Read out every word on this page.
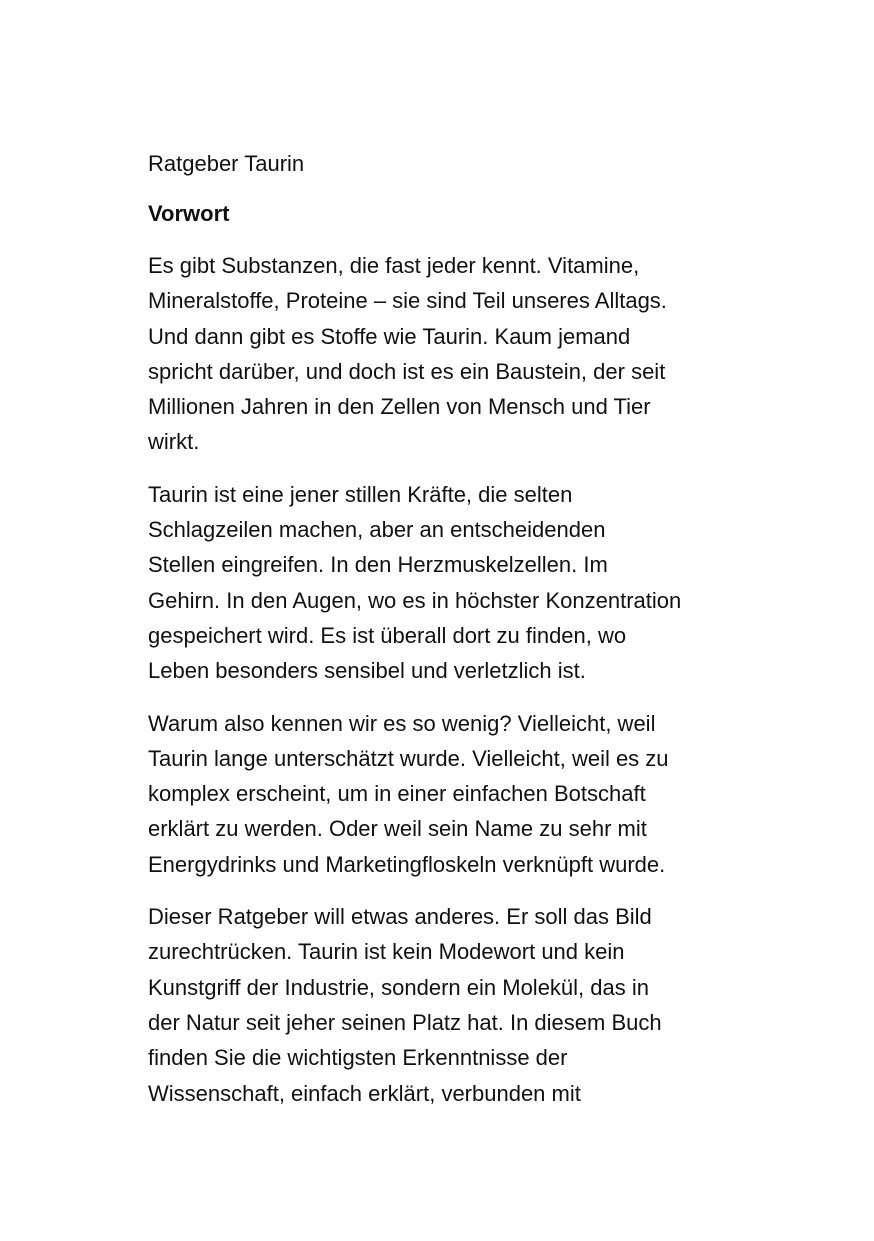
Ratgeber Taurin

Vorwort

Es gibt Substanzen, die fast jeder kennt. Vitamine,
Mineralstoffe, Proteine – sie sind Teil unseres Alltags.
Und dann gibt es Stoffe wie Taurin. Kaum jemand
spricht darüber, und doch ist es ein Baustein, der seit
Millionen Jahren in den Zellen von Mensch und Tier
wirkt.

Taurin ist eine jener stillen Kräfte, die selten
Schlagzeilen machen, aber an entscheidenden
Stellen eingreifen. In den Herzmuskelzellen. Im
Gehirn. In den Augen, wo es in höchster Konzentration
gespeichert wird. Es ist überall dort zu finden, wo
Leben besonders sensibel und verletzlich ist.

Warum also kennen wir es so wenig? Vielleicht, weil
Taurin lange unterschätzt wurde. Vielleicht, weil es zu
komplex erscheint, um in einer einfachen Botschaft
erklärt zu werden. Oder weil sein Name zu sehr mit
Energydrinks und Marketingfloskeln verknüpft wurde.

Dieser Ratgeber will etwas anderes. Er soll das Bild
zurechtrücken. Taurin ist kein Modewort und kein
Kunstgriff der Industrie, sondern ein Molekül, das in
der Natur seit jeher seinen Platz hat. In diesem Buch
finden Sie die wichtigsten Erkenntnisse der
Wissenschaft, einfach erklärt, verbunden mit
